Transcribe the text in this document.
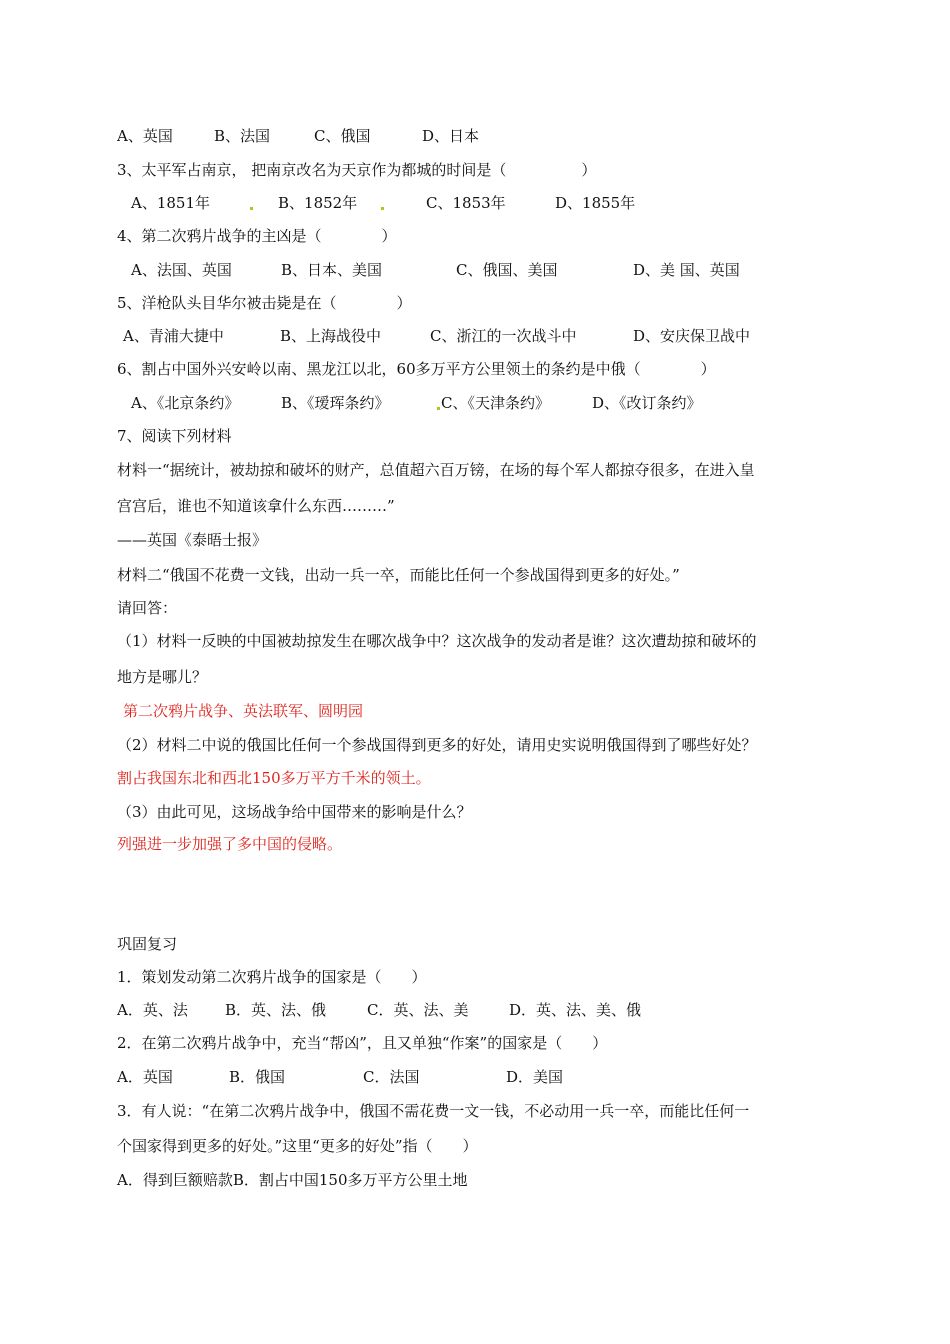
A、英国	B、法国	C、俄国	D、日本
3、太平军占南京， 把南京改名为天京作为都城的时间是（　　　　　）
A、1851年	B、1852年	C、1853年	D、1855年
4、第二次鸦片战争的主凶是（　　　　）
A、法国、英国	B、日本、美国	C、俄国、美国	D、美 国、英国
5、洋枪队头目华尔被击毙是在（　　　　）
A、青浦大捷中	B、上海战役中	C、浙江的一次战斗中	D、安庆保卫战中
6、割占中国外兴安岭以南、黑龙江以北，60多万平方公里领土的条约是中俄（　　　　）
A、《北京条约》	B、《瑷珲条约》	C、《天津条约》	D、《改订条约》
7、阅读下列材料
材料一“据统计，被劫掠和破坏的财产，总值超六百万镑，在场的每个军人都掠夺很多，在进入皇
宫宫后，谁也不知道该拿什么东西………”
——英国《泰晤士报》
材料二“俄国不花费一文钱，出动一兵一卒，而能比任何一个参战国得到更多的好处。”
请回答：
（1）材料一反映的中国被劫掠发生在哪次战争中？这次战争的发动者是谁？这次遭劫掠和破坏的
地方是哪儿？
第二次鸦片战争、英法联军、圆明园
（2）材料二中说的俄国比任何一个参战国得到更多的好处，请用史实说明俄国得到了哪些好处？
割占我国东北和西北150多万平方千米的领土。
（3）由此可见，这场战争给中国带来的影响是什么？
列强进一步加强了多中国的侵略。
巩固复习
1．策划发动第二次鸦片战争的国家是（　　）
A．英、法 B．英、法、俄	C．英、法、美	D．英、法、美、俄
2．在第二次鸦片战争中，充当“帮凶”，且又单独“作案”的国家是（　　）
A．英国	B．俄国	C．法国	D．美国
3．有人说：“在第二次鸦片战争中，俄国不需花费一文一钱，不必动用一兵一卒，而能比任何一
个国家得到更多的好处。”这里“更多的好处”指（　　）
A．得到巨额赔款B．割占中国150多万平方公里土地
